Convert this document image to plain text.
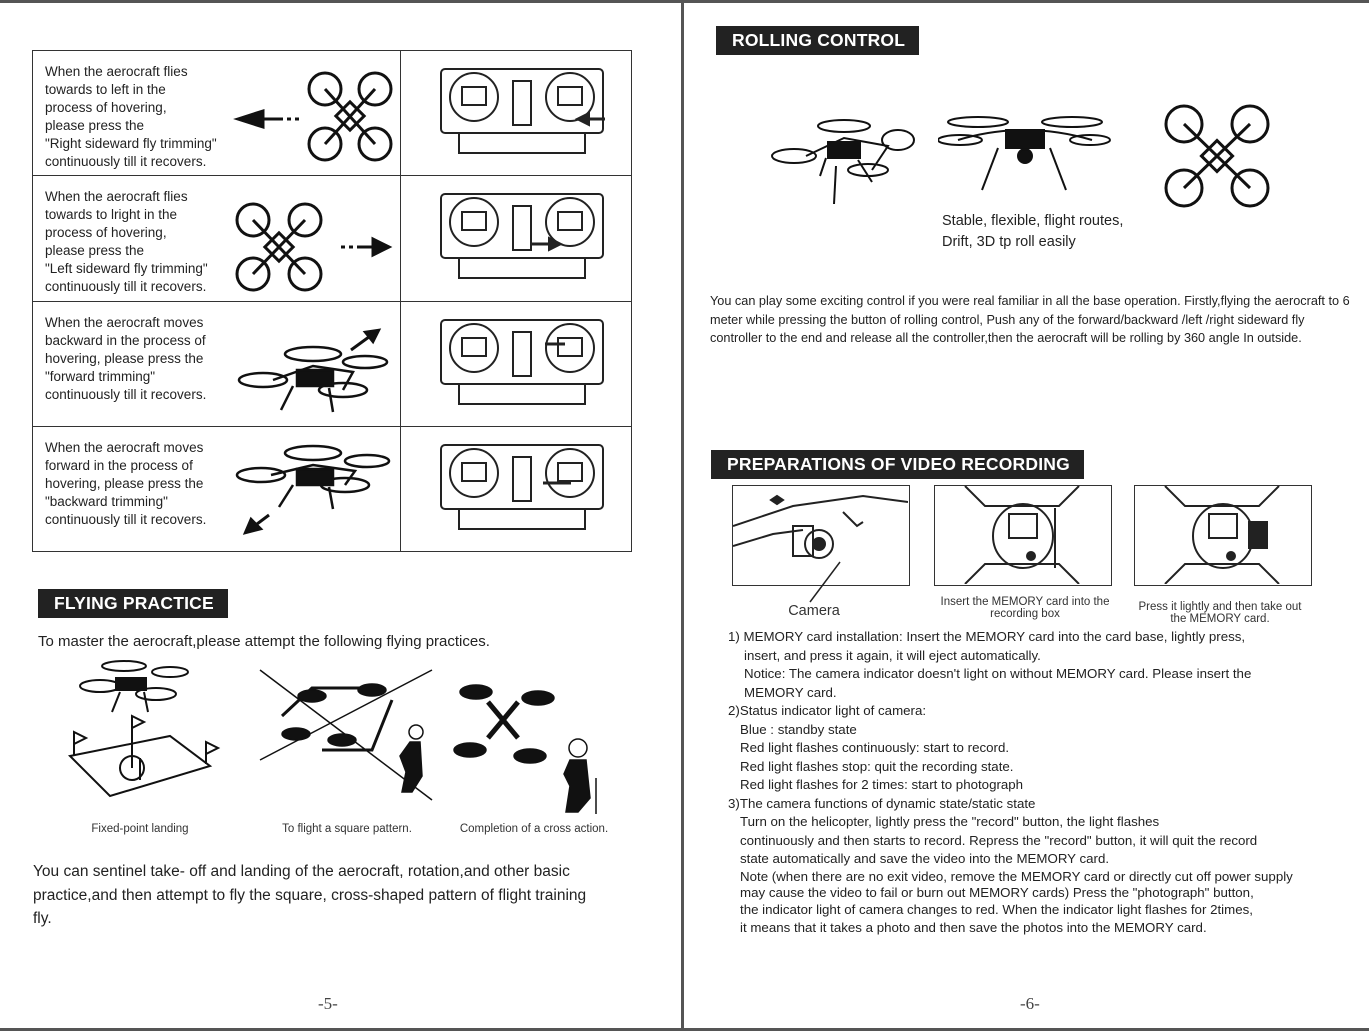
When the aerocraft flies
towards to left in the
process of hovering,
please press the
"Right sideward fly trimming"
continuously till it recovers.
When the aerocraft flies
towards to lright in the
process of hovering,
please press the
"Left sideward fly trimming"
continuously till it recovers.
When the aerocraft moves
backward in the process of
hovering, please press the
"forward trimming"
continuously till it recovers.
When the aerocraft moves
forward in the process of
hovering, please press the
"backward trimming"
continuously till it recovers.
FLYING PRACTICE
To master the aerocraft,please attempt the following flying practices.
Fixed-point landing	To flight a square pattern.	Completion of a cross action.
You can sentinel take- off and landing of the aerocraft, rotation,and other basic practice,and then attempt to fly the square, cross-shaped pattern of flight training fly.
-5-
ROLLING CONTROL
Stable, flexible, flight routes,
Drift, 3D tp roll easily
You can play some exciting control if you were real familiar in all the base operation. Firstly,flying the aerocraft to 6 meter while pressing the button of rolling control, Push any of the forward/backward /left /right sideward fly controller to the end and release all the controller,then the aerocraft will be rolling by 360 angle In outside.
PREPARATIONS OF VIDEO RECORDING
Camera
Insert the MEMORY card into the recording box
Press it lightly and then take out the MEMORY card.
1) MEMORY card installation: Insert the MEMORY card into the card base, lightly press,
insert, and press it again, it will eject automatically.
Notice: The camera indicator doesn't light on without MEMORY card. Please insert the
MEMORY card.
2)Status indicator light of camera:
Blue : standby state
Red light flashes continuously: start to record.
Red light flashes stop: quit the recording state.
Red light flashes for 2 times: start to photograph
3)The camera functions of dynamic state/static state
Turn on the helicopter, lightly press the "record" button, the light flashes
continuously and then starts to record. Repress the "record" button, it will quit the record
state automatically and save the video into the MEMORY card.
Note (when there are no exit video, remove the MEMORY card or directly cut off power supply
may cause the video to fail or burn out MEMORY cards) Press the "photograph" button,
the indicator light of camera changes to red. When the indicator light flashes for 2times,
it means that it takes a photo and then save the photos into the MEMORY card.
-6-
